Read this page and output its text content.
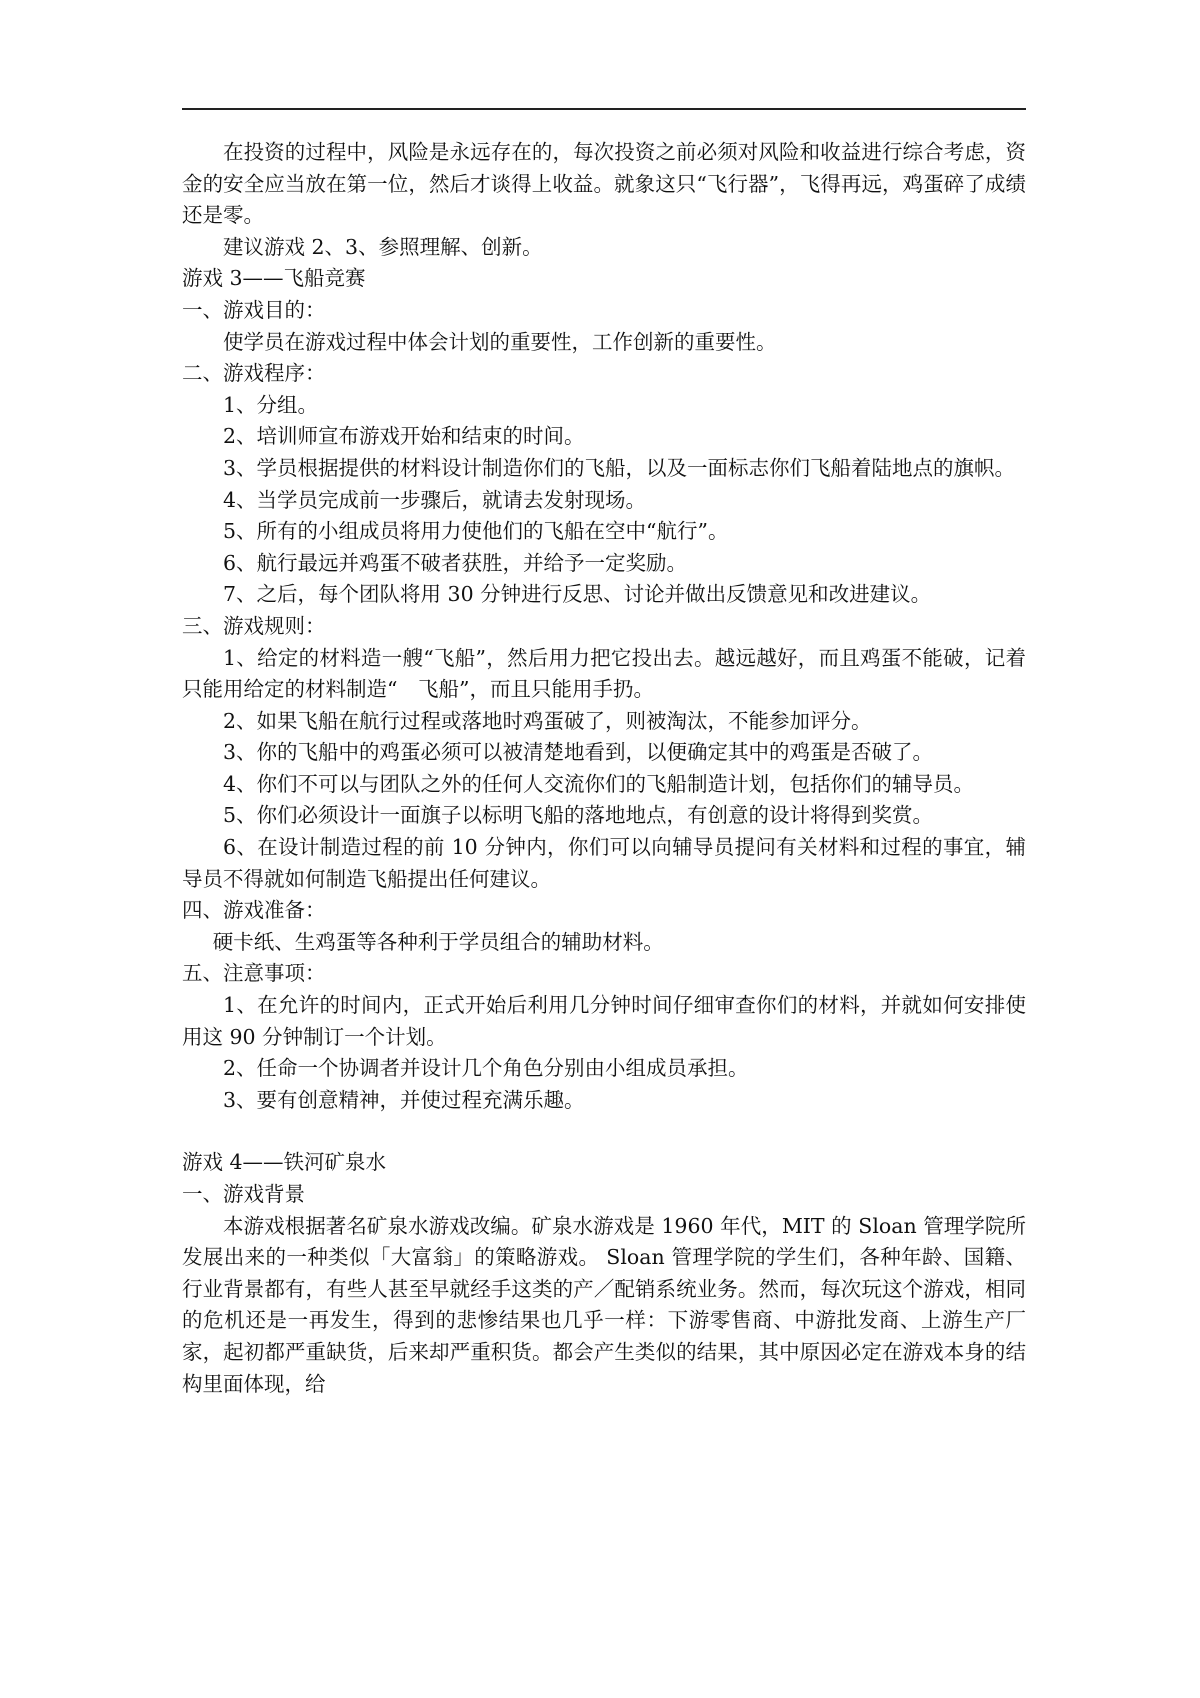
在投资的过程中，风险是永远存在的，每次投资之前必须对风险和收益进行综合考虑，资金的安全应当放在第一位，然后才谈得上收益。就象这只“飞行器”，飞得再远，鸡蛋碎了成绩还是零。

建议游戏 2、3、参照理解、创新。

游戏 3——飞船竞赛

一、游戏目的：

使学员在游戏过程中体会计划的重要性，工作创新的重要性。

二、游戏程序：

1、分组。

2、培训师宣布游戏开始和结束的时间。

3、学员根据提供的材料设计制造你们的飞船，以及一面标志你们飞船着陆地点的旗帜。

4、当学员完成前一步骤后，就请去发射现场。

5、所有的小组成员将用力使他们的飞船在空中“航行”。

6、航行最远并鸡蛋不破者获胜，并给予一定奖励。

7、之后，每个团队将用 30 分钟进行反思、讨论并做出反馈意见和改进建议。

三、游戏规则：

1、给定的材料造一艘“飞船”，然后用力把它投出去。越远越好，而且鸡蛋不能破，记着只能用给定的材料制造“　飞船”，而且只能用手扔。

2、如果飞船在航行过程或落地时鸡蛋破了，则被淘汰，不能参加评分。

3、你的飞船中的鸡蛋必须可以被清楚地看到，以便确定其中的鸡蛋是否破了。

4、你们不可以与团队之外的任何人交流你们的飞船制造计划，包括你们的辅导员。

5、你们必须设计一面旗子以标明飞船的落地地点，有创意的设计将得到奖赏。

6、在设计制造过程的前 10 分钟内，你们可以向辅导员提问有关材料和过程的事宜，辅导员不得就如何制造飞船提出任何建议。

四、游戏准备：

硬卡纸、生鸡蛋等各种利于学员组合的辅助材料。

五、注意事项：

1、在允许的时间内，正式开始后利用几分钟时间仔细审查你们的材料，并就如何安排使用这 90 分钟制订一个计划。

2、任命一个协调者并设计几个角色分别由小组成员承担。

3、要有创意精神，并使过程充满乐趣。

游戏 4——铁河矿泉水

一、游戏背景

本游戏根据著名矿泉水游戏改编。矿泉水游戏是 1960 年代，MIT 的 Sloan 管理学院所发展出来的一种类似「大富翁」的策略游戏。 Sloan 管理学院的学生们，各种年龄、国籍、行业背景都有，有些人甚至早就经手这类的产／配销系统业务。然而，每次玩这个游戏，相同的危机还是一再发生，得到的悲惨结果也几乎一样：下游零售商、中游批发商、上游生产厂家，起初都严重缺货，后来却严重积货。都会产生类似的结果，其中原因必定在游戏本身的结构里面体现，给
